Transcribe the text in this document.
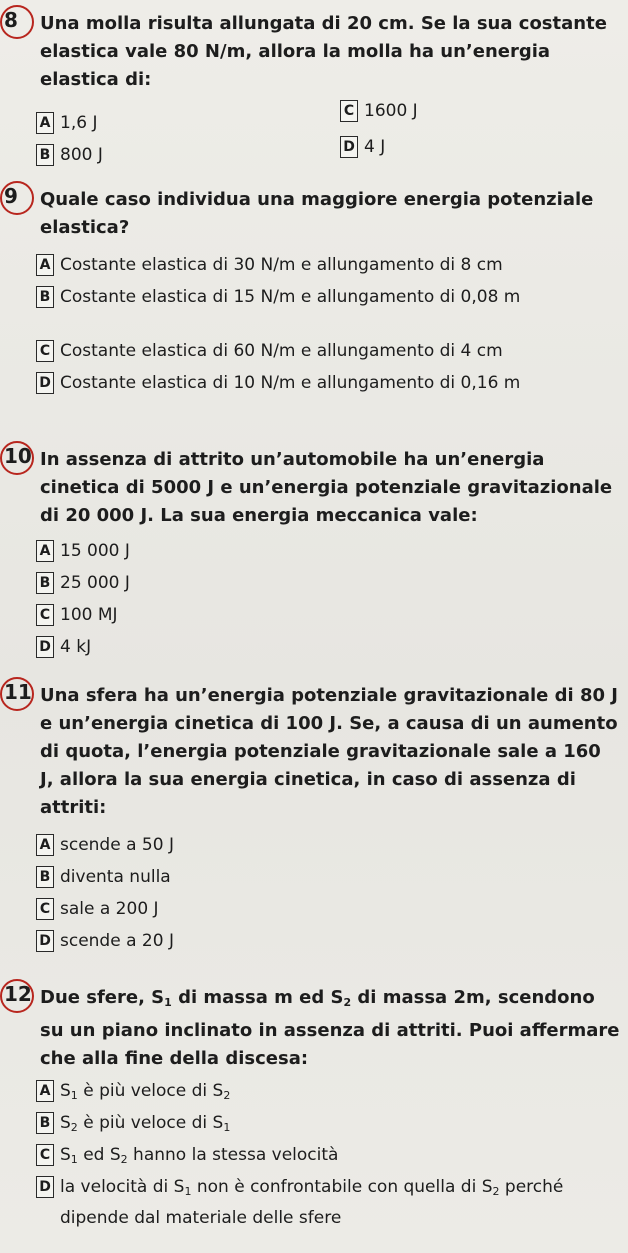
8 Una molla risulta allungata di 20 cm. Se la sua costante elastica vale 80 N/m, allora la molla ha un’energia elastica di:
A 1,6 J
B 800 J
C 1600 J
D 4 J
9 Quale caso individua una maggiore energia potenziale elastica?
A Costante elastica di 30 N/m e allungamento di 8 cm
B Costante elastica di 15 N/m e allungamento di 0,08 m
C Costante elastica di 60 N/m e allungamento di 4 cm
D Costante elastica di 10 N/m e allungamento di 0,16 m
10 In assenza di attrito un’automobile ha un’energia cinetica di 5000 J e un’energia potenziale gravitazionale di 20 000 J. La sua energia meccanica vale:
A 15 000 J
B 25 000 J
C 100 MJ
D 4 kJ
11 Una sfera ha un’energia potenziale gravitazionale di 80 J e un’energia cinetica di 100 J. Se, a causa di un aumento di quota, l’energia potenziale gravitazionale sale a 160 J, allora la sua energia cinetica, in caso di assenza di attriti:
A scende a 50 J
B diventa nulla
C sale a 200 J
D scende a 20 J
12 Due sfere, $S_1$ di massa m ed $S_2$ di massa 2m, scendono su un piano inclinato in assenza di attriti. Puoi affermare che alla fine della discesa:
A $S_1$ è più veloce di $S_2$
B $S_2$ è più veloce di $S_1$
C $S_1$ ed $S_2$ hanno la stessa velocità
D la velocità di $S_1$ non è confrontabile con quella di $S_2$ perché dipende dal materiale delle sfere
